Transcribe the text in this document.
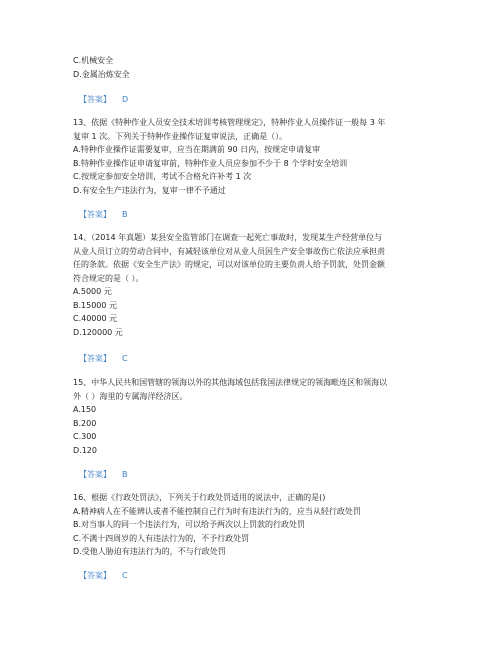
C.机械安全
D.金属冶炼安全
【答案】 D
13、依据《特种作业人员安全技术培训考核管理规定》，特种作业人员操作证一般每 3 年
复审 1 次。下列关于特种作业操作证复审说法，正确是（）。
A.特种作业操作证需要复审，应当在期满前 90 日内，按规定申请复审
B.特种作业操作证申请复审前，特种作业人员应参加不少于 8 个学时安全培训
C.按规定参加安全培训，考试不合格允许补考 1 次
D.有安全生产违法行为，复审一律不予通过
【答案】 B
14、（2014 年真题）某县安全监管部门在调查一起死亡事故时，发现某生产经营单位与
从业人员订立的劳动合同中，有减轻该单位对从业人员因生产安全事故伤亡依法应承担责
任的条款。依据《安全生产法》的规定，可以对该单位的主要负责人给予罚款，处罚金额
符合规定的是（ ）。
A.5000 元
B.15000 元
C.40000 元
D.120000 元
【答案】 C
15、中华人民共和国管辖的领海以外的其他海域包括我国法律规定的领海毗连区和领海以
外（ ）海里的专属海洋经济区。
A.150
B.200
C.300
D.120
【答案】 B
16、根据《行政处罚法》，下列关于行政处罚适用的说法中，正确的是()
A.精神病人在不能辨认或者不能控制自己行为时有违法行为的，应当从轻行政处罚
B.对当事人的同一个违法行为，可以给予两次以上罚款的行政处罚
C.不满十四周岁的人有违法行为的，不予行政处罚
D.受他人胁迫有违法行为的，不与行政处罚
【答案】 C
